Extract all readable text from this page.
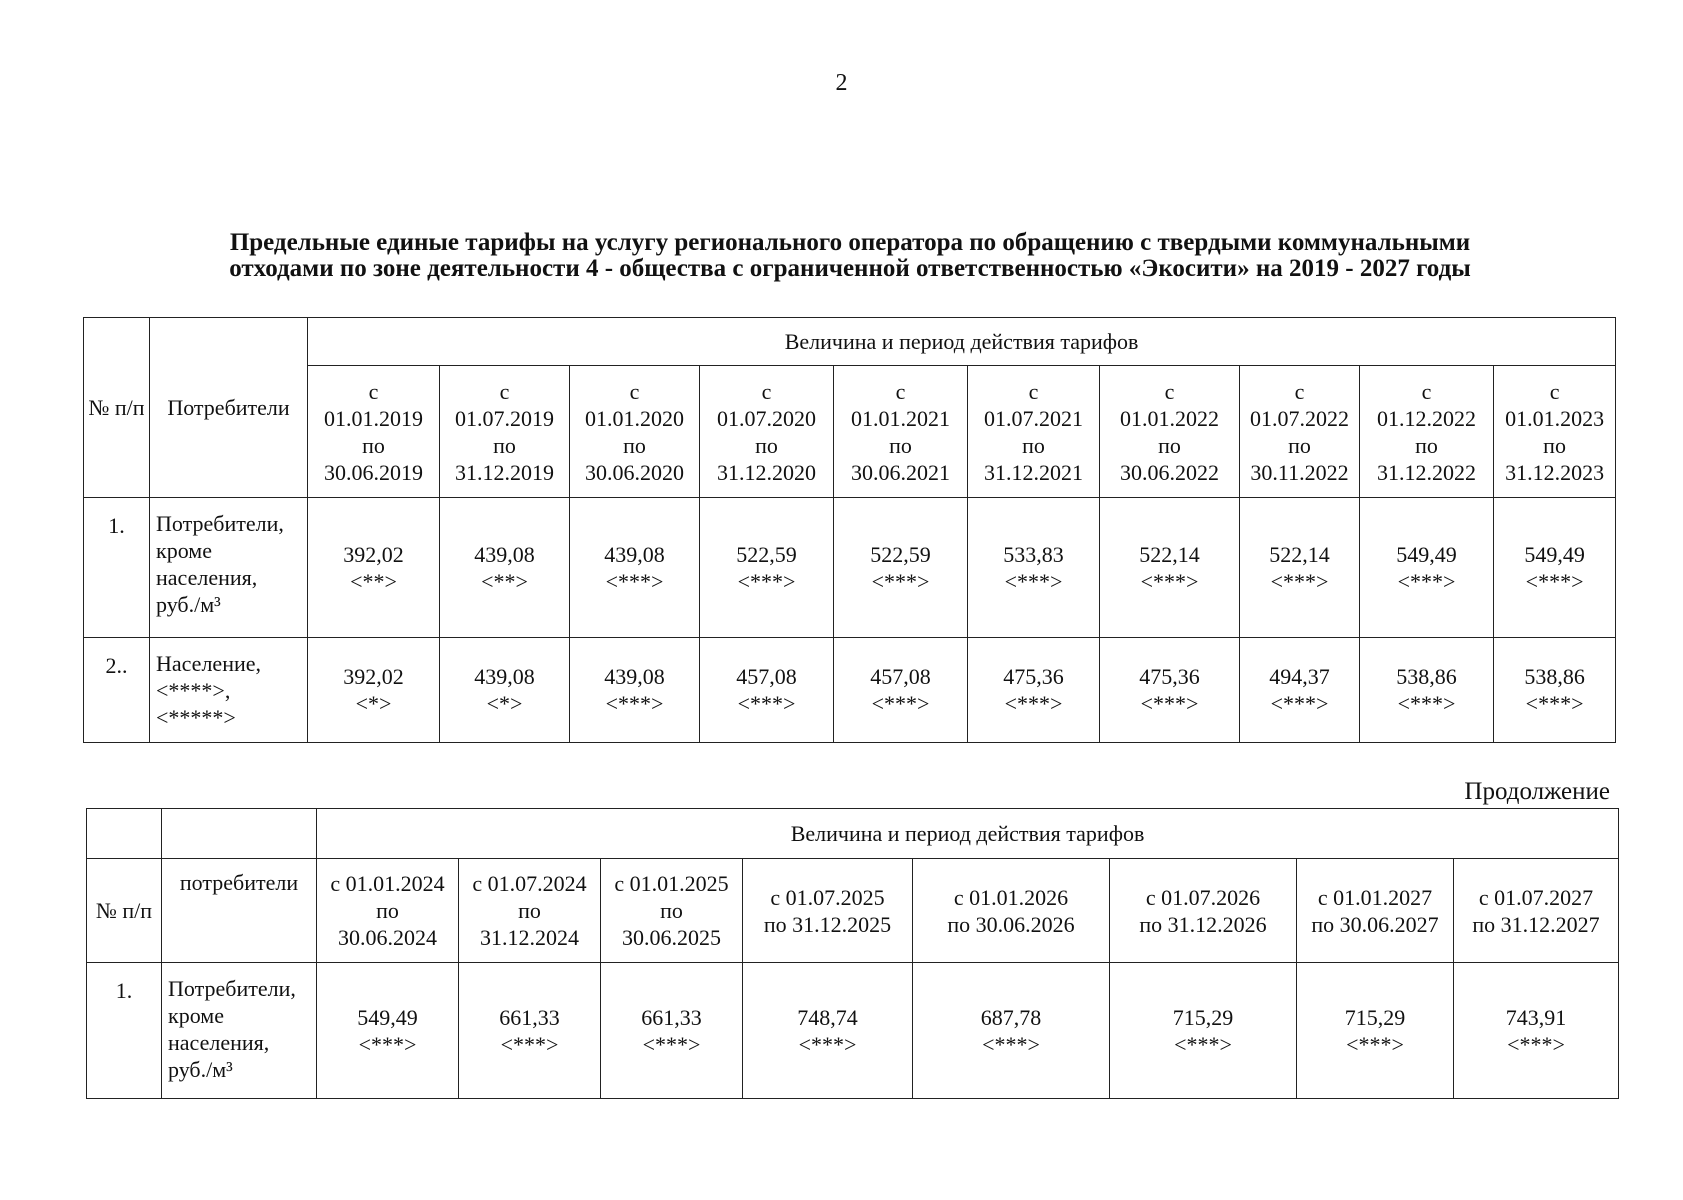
2
Предельные единые тарифы на услугу регионального оператора по обращению с твердыми коммунальными
отходами по зоне деятельности 4 - общества с ограниченной ответственностью «Экосити» на 2019 - 2027 годы
№ п/п	Потребители	Величина и период действия тарифов									

		с
01.01.2019
по
30.06.2019	с
01.07.2019
по
31.12.2019	с
01.01.2020
по
30.06.2020	с
01.07.2020
по
31.12.2020	с
01.01.2021
по
30.06.2021	с
01.07.2021
по
31.12.2021	с
01.01.2022
по
30.06.2022	с
01.07.2022
по
30.11.2022	с
01.12.2022
по
31.12.2022	с
01.01.2023
по
31.12.2023

1.	Потребители, кроме населения, руб./м³	392,02
<**>	439,08
<**>	439,08
<***>	522,59
<***>	522,59
<***>	533,83
<***>	522,14
<***>	522,14
<***>	549,49
<***>	549,49
<***>

2..	Население,
<****>,
<*****>	392,02
<*>	439,08
<*>	439,08
<***>	457,08
<***>	457,08
<***>	475,36
<***>	475,36
<***>	494,37
<***>	538,86
<***>	538,86
<***>
Продолжение
		Величина и период действия тарифов							
№ п/п	потребители	с 01.01.2024
по
30.06.2024	с 01.07.2024
по
31.12.2024	с 01.01.2025
по
30.06.2025	с 01.07.2025
по 31.12.2025	с 01.01.2026
по 30.06.2026	с 01.07.2026
по 31.12.2026	с 01.01.2027
по 30.06.2027	с 01.07.2027
по 31.12.2027

1.	Потребители, кроме населения, руб./м³	549,49
<***>	661,33
<***>	661,33
<***>	748,74
<***>	687,78
<***>	715,29
<***>	715,29
<***>	743,91
<***>
